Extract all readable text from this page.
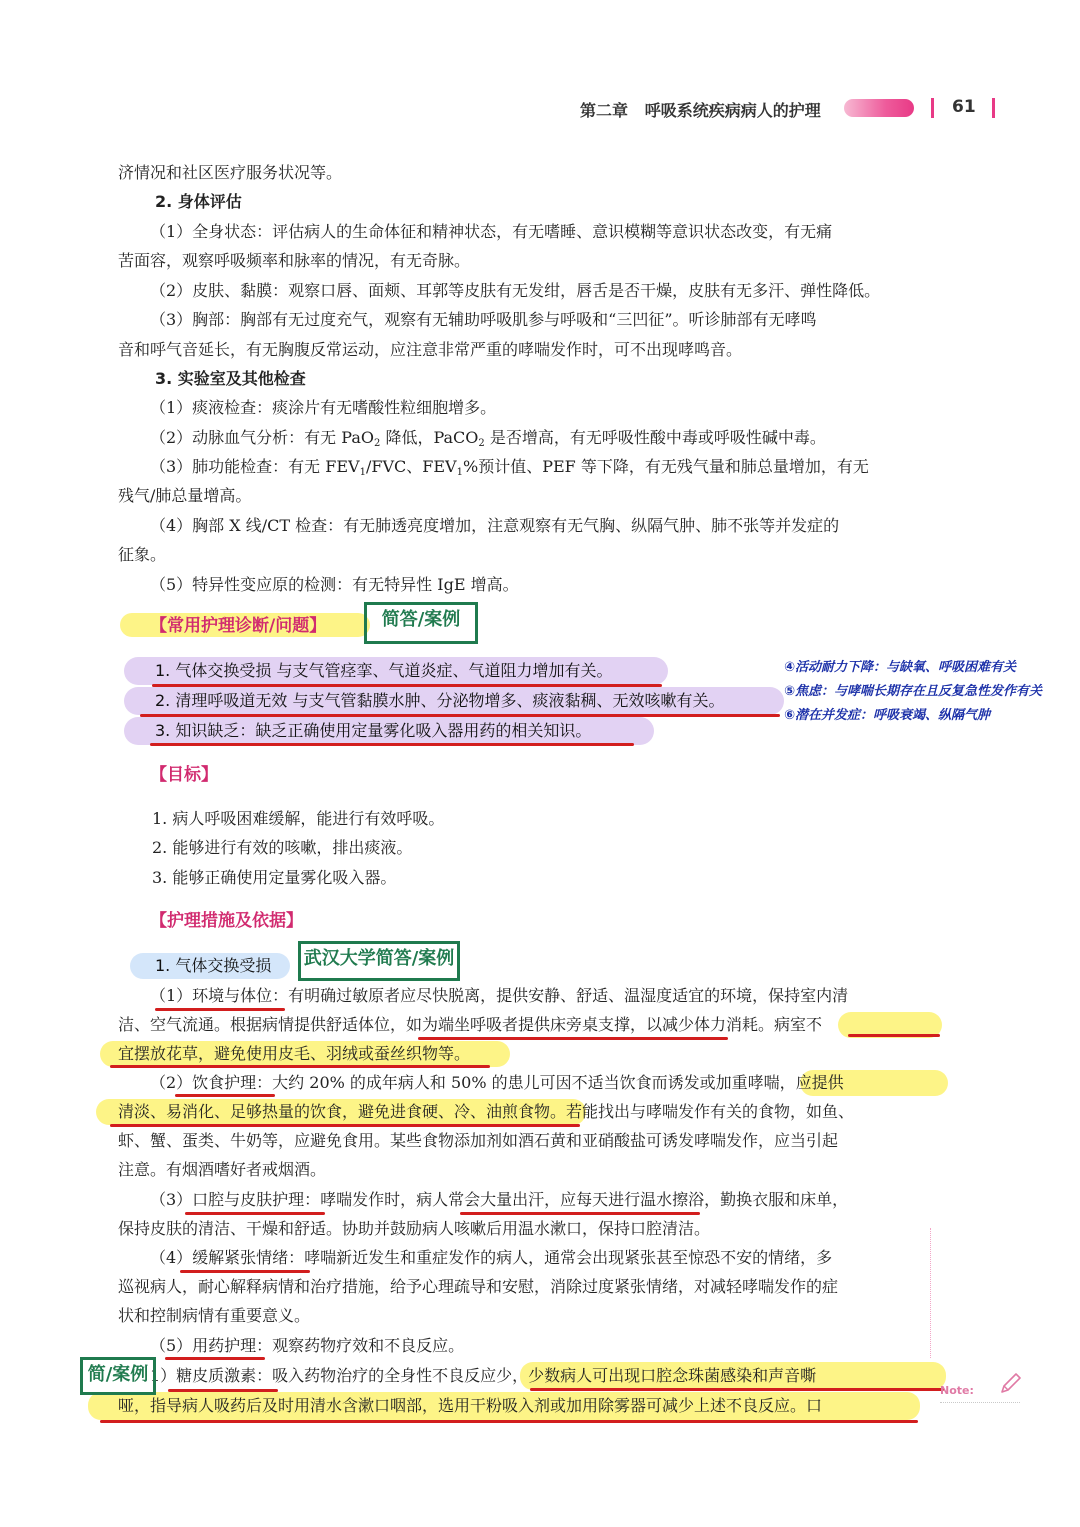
第二章 呼吸系统疾病病人的护理	61
济情况和社区医疗服务状况等。
2. 身体评估
（1）全身状态：评估病人的生命体征和精神状态，有无嗜睡、意识模糊等意识状态改变，有无痛
苦面容，观察呼吸频率和脉率的情况，有无奇脉。
（2）皮肤、黏膜：观察口唇、面颊、耳郭等皮肤有无发绀，唇舌是否干燥，皮肤有无多汗、弹性降低。
（3）胸部：胸部有无过度充气，观察有无辅助呼吸肌参与呼吸和“三凹征”。听诊肺部有无哮鸣
音和呼气音延长，有无胸腹反常运动，应注意非常严重的哮喘发作时，可不出现哮鸣音。
3. 实验室及其他检查
（1）痰液检查：痰涂片有无嗜酸性粒细胞增多。
（2）动脉血气分析：有无 PaO$_2$ 降低，PaCO$_2$ 是否增高，有无呼吸性酸中毒或呼吸性碱中毒。
（3）肺功能检查：有无 $FEV_1$/FVC、$FEV_1\%$预计值、PEF 等下降，有无残气量和肺总量增加，有无
残气/肺总量增高。
（4）胸部 X 线/CT 检查：有无肺透亮度增加，注意观察有无气胸、纵隔气肿、肺不张等并发症的
征象。
（5）特异性变应原的检测：有无特异性 IgE 增高。
【常用护理诊断/问题】	简答/案例
1. 气体交换受损 与支气管痉挛、气道炎症、气道阻力增加有关。
2. 清理呼吸道无效 与支气管黏膜水肿、分泌物增多、痰液黏稠、无效咳嗽有关。
3. 知识缺乏：缺乏正确使用定量雾化吸入器用药的相关知识。
④活动耐力下降：与缺氧、呼吸困难有关
⑤焦虑：与哮喘长期存在且反复急性发作有关
⑥潜在并发症：呼吸衰竭、纵隔气肿
【目标】
1. 病人呼吸困难缓解，能进行有效呼吸。
2. 能够进行有效的咳嗽，排出痰液。
3. 能够正确使用定量雾化吸入器。
【护理措施及依据】
1. 气体交换受损	武汉大学简答/案例
（1）环境与体位：有明确过敏原者应尽快脱离，提供安静、舒适、温湿度适宜的环境，保持室内清
洁、空气流通。根据病情提供舒适体位，如为端坐呼吸者提供床旁桌支撑，以减少体力消耗。病室不
宜摆放花草，避免使用皮毛、羽绒或蚕丝织物等。
（2）饮食护理：大约 20% 的成年病人和 50% 的患儿可因不适当饮食而诱发或加重哮喘，应提供
清淡、易消化、足够热量的饮食，避免进食硬、冷、油煎食物。若能找出与哮喘发作有关的食物，如鱼、
虾、蟹、蛋类、牛奶等，应避免食用。某些食物添加剂如酒石黄和亚硝酸盐可诱发哮喘发作，应当引起
注意。有烟酒嗜好者戒烟酒。
（3）口腔与皮肤护理：哮喘发作时，病人常会大量出汗，应每天进行温水擦浴，勤换衣服和床单，
保持皮肤的清洁、干燥和舒适。协助并鼓励病人咳嗽后用温水漱口，保持口腔清洁。
（4）缓解紧张情绪：哮喘新近发生和重症发作的病人，通常会出现紧张甚至惊恐不安的情绪，多
巡视病人，耐心解释病情和治疗措施，给予心理疏导和安慰，消除过度紧张情绪，对减轻哮喘发作的症
状和控制病情有重要意义。
（5）用药护理：观察药物疗效和不良反应。
1）糖皮质激素：吸入药物治疗的全身性不良反应少，少数病人可出现口腔念珠菌感染和声音嘶
哑，指导病人吸药后及时用清水含漱口咽部，选用干粉吸入剂或加用除雾器可减少上述不良反应。口
简/案例
Note:
